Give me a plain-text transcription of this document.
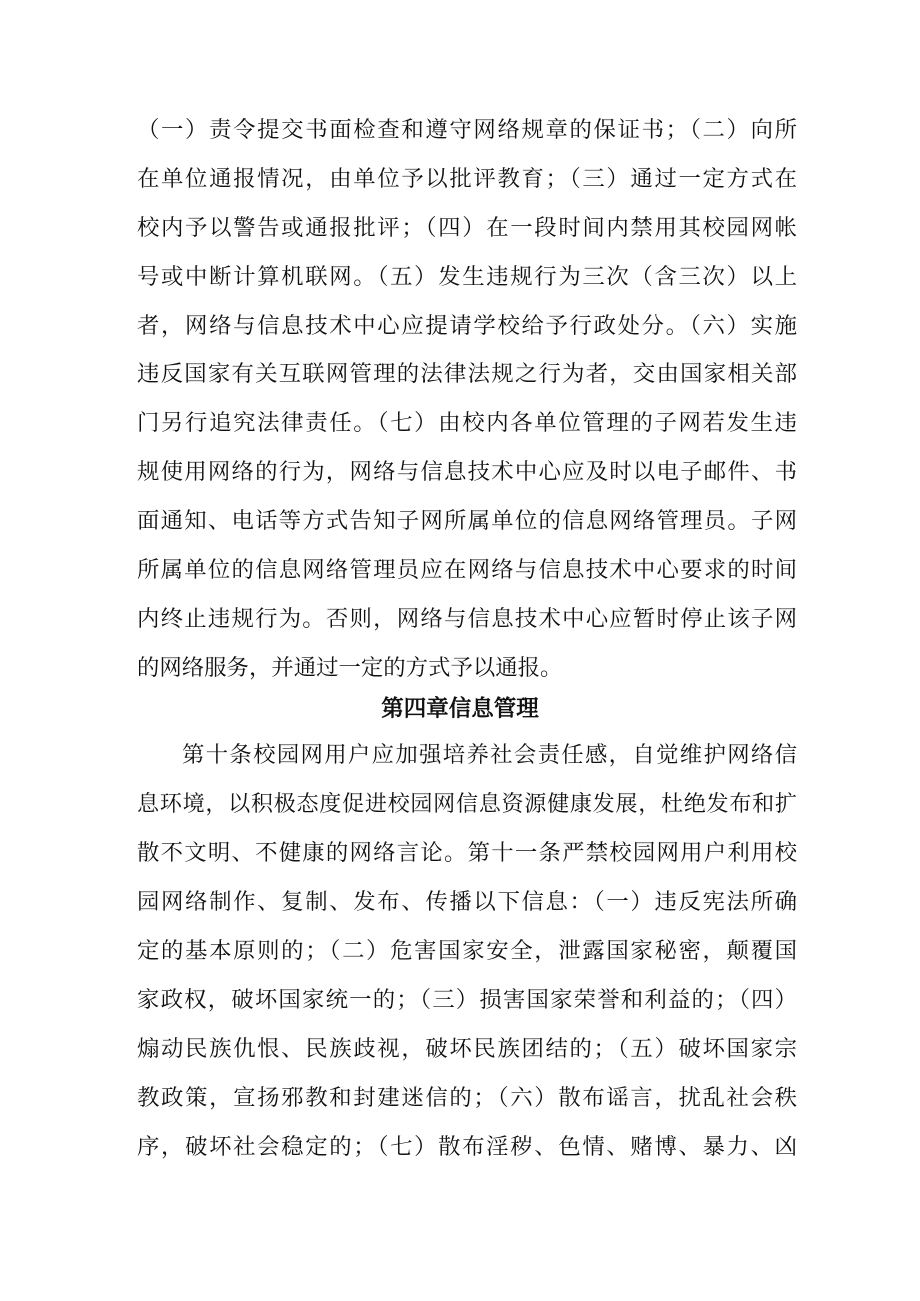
（一）责令提交书面检查和遵守网络规章的保证书；（二）向所

在单位通报情况，由单位予以批评教育；（三）通过一定方式在

校内予以警告或通报批评；（四）在一段时间内禁用其校园网帐

号或中断计算机联网。（五）发生违规行为三次（含三次）以上

者，网络与信息技术中心应提请学校给予行政处分。（六）实施

违反国家有关互联网管理的法律法规之行为者，交由国家相关部

门另行追究法律责任。（七）由校内各单位管理的子网若发生违

规使用网络的行为，网络与信息技术中心应及时以电子邮件、书

面通知、电话等方式告知子网所属单位的信息网络管理员。子网

所属单位的信息网络管理员应在网络与信息技术中心要求的时间

内终止违规行为。否则，网络与信息技术中心应暂时停止该子网

的网络服务，并通过一定的方式予以通报。

第四章信息管理

第十条校园网用户应加强培养社会责任感，自觉维护网络信

息环境，以积极态度促进校园网信息资源健康发展，杜绝发布和扩

散不文明、不健康的网络言论。第十一条严禁校园网用户利用校

园网络制作、复制、发布、传播以下信息：（一）违反宪法所确

定的基本原则的；（二）危害国家安全，泄露国家秘密，颠覆国

家政权，破坏国家统一的；（三）损害国家荣誉和利益的；（四）

煽动民族仇恨、民族歧视，破坏民族团结的；（五）破坏国家宗

教政策，宣扬邪教和封建迷信的；（六）散布谣言，扰乱社会秩

序，破坏社会稳定的；（七）散布淫秽、色情、赌博、暴力、凶
